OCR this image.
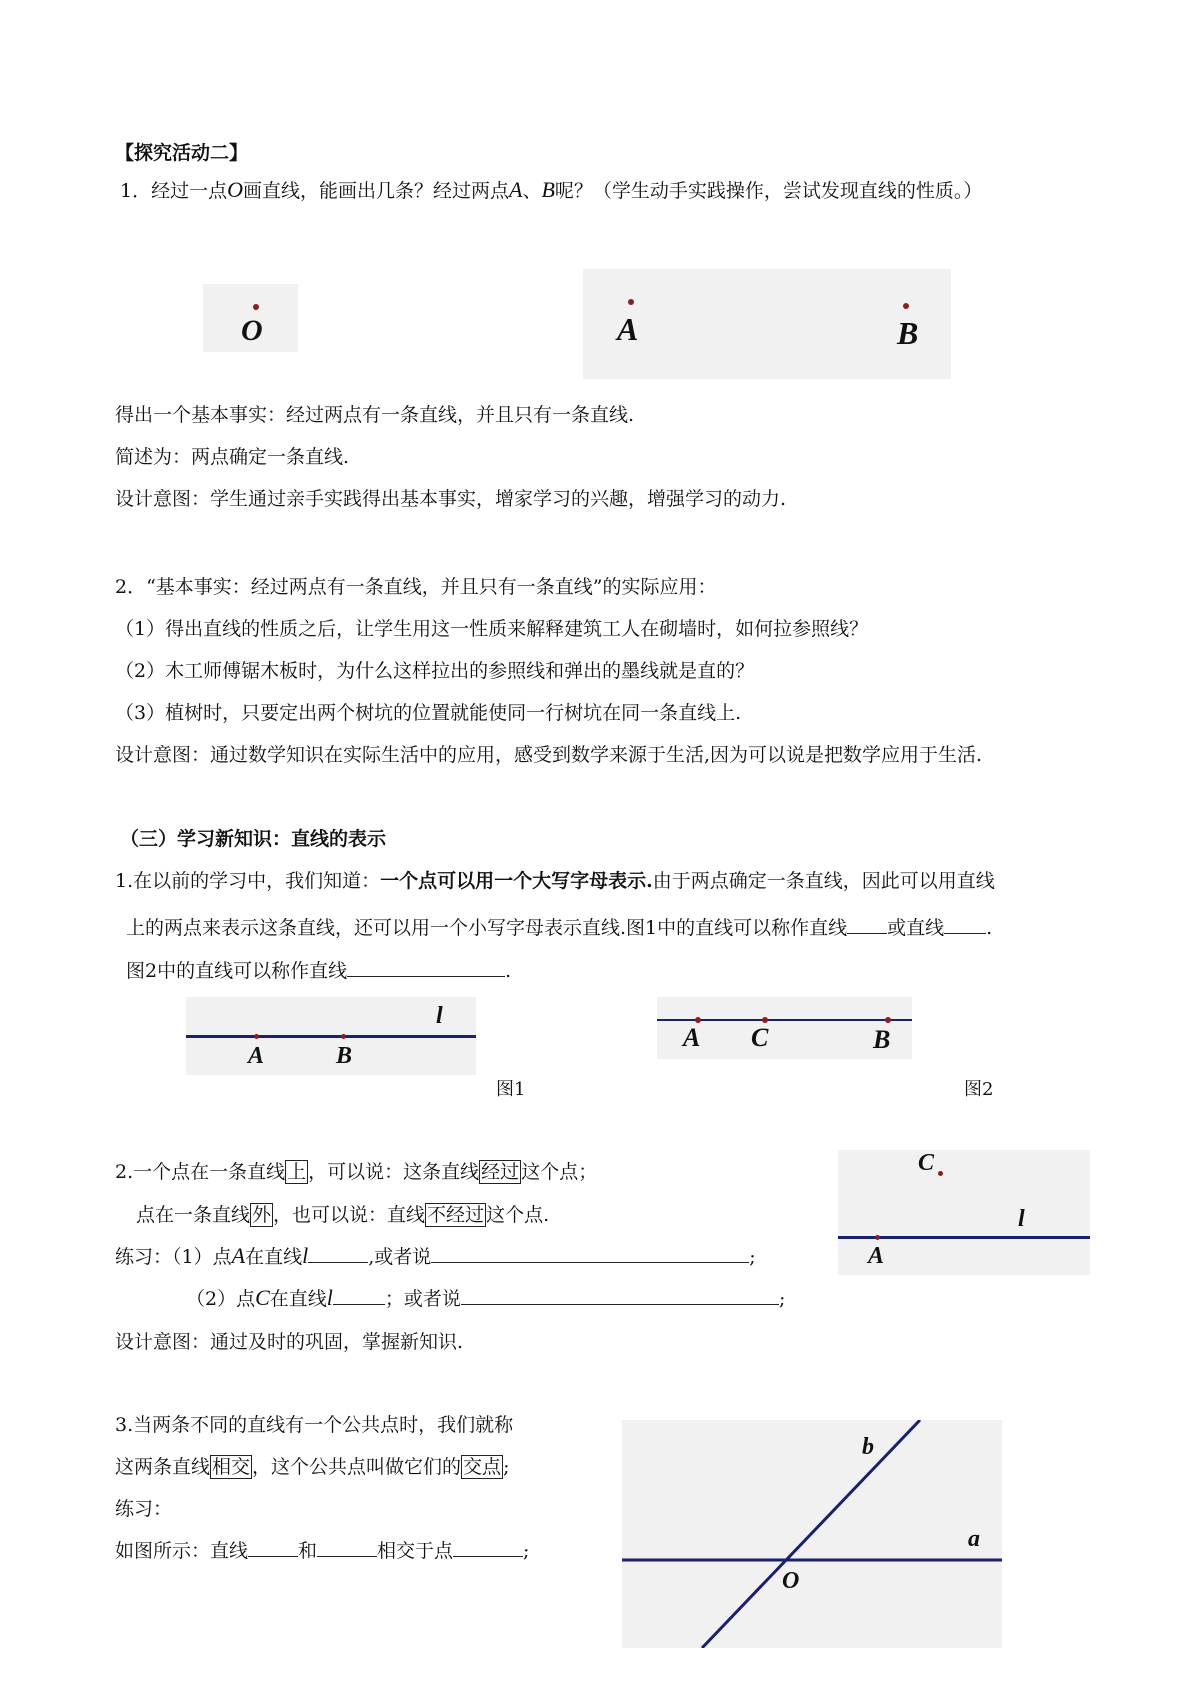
【探究活动二】
1．经过一点O画直线，能画出几条？经过两点A、B呢？（学生动手实践操作，尝试发现直线的性质。）
O	A	B
得出一个基本事实：经过两点有一条直线，并且只有一条直线.
简述为：两点确定一条直线.
设计意图：学生通过亲手实践得出基本事实，增家学习的兴趣，增强学习的动力.
2．“基本事实：经过两点有一条直线，并且只有一条直线”的实际应用：
（1）得出直线的性质之后，让学生用这一性质来解释建筑工人在砌墙时，如何拉参照线？
（2）木工师傅锯木板时，为什么这样拉出的参照线和弹出的墨线就是直的？
（3）植树时，只要定出两个树坑的位置就能使同一行树坑在同一条直线上.
设计意图：通过数学知识在实际生活中的应用，感受到数学来源于生活,因为可以说是把数学应用于生活.
（三）学习新知识：直线的表示
1.在以前的学习中，我们知道：一个点可以用一个大写字母表示.由于两点确定一条直线，因此可以用直线
上的两点来表示这条直线，还可以用一个小写字母表示直线.图1中的直线可以称作直线 或直线 .
图2中的直线可以称作直线	.
l
A	B
图1
A C	B
图2
2.一个点在一条直线 上 ，可以说：这条直线 经过 这个点；
点在一条直线 外 ，也可以说：直线 不经过 这个点.
练习：（1）点A在直线l	,或者说	;
（2）点C在直线l	；或者说	;
C
l
A
设计意图：通过及时的巩固，掌握新知识.
3.当两条不同的直线有一个公共点时，我们就称
这两条直线 相交 ，这个公共点叫做它们的 交点 ;
练习：
如图所示：直线	和	相交于点	;
b
a
O
